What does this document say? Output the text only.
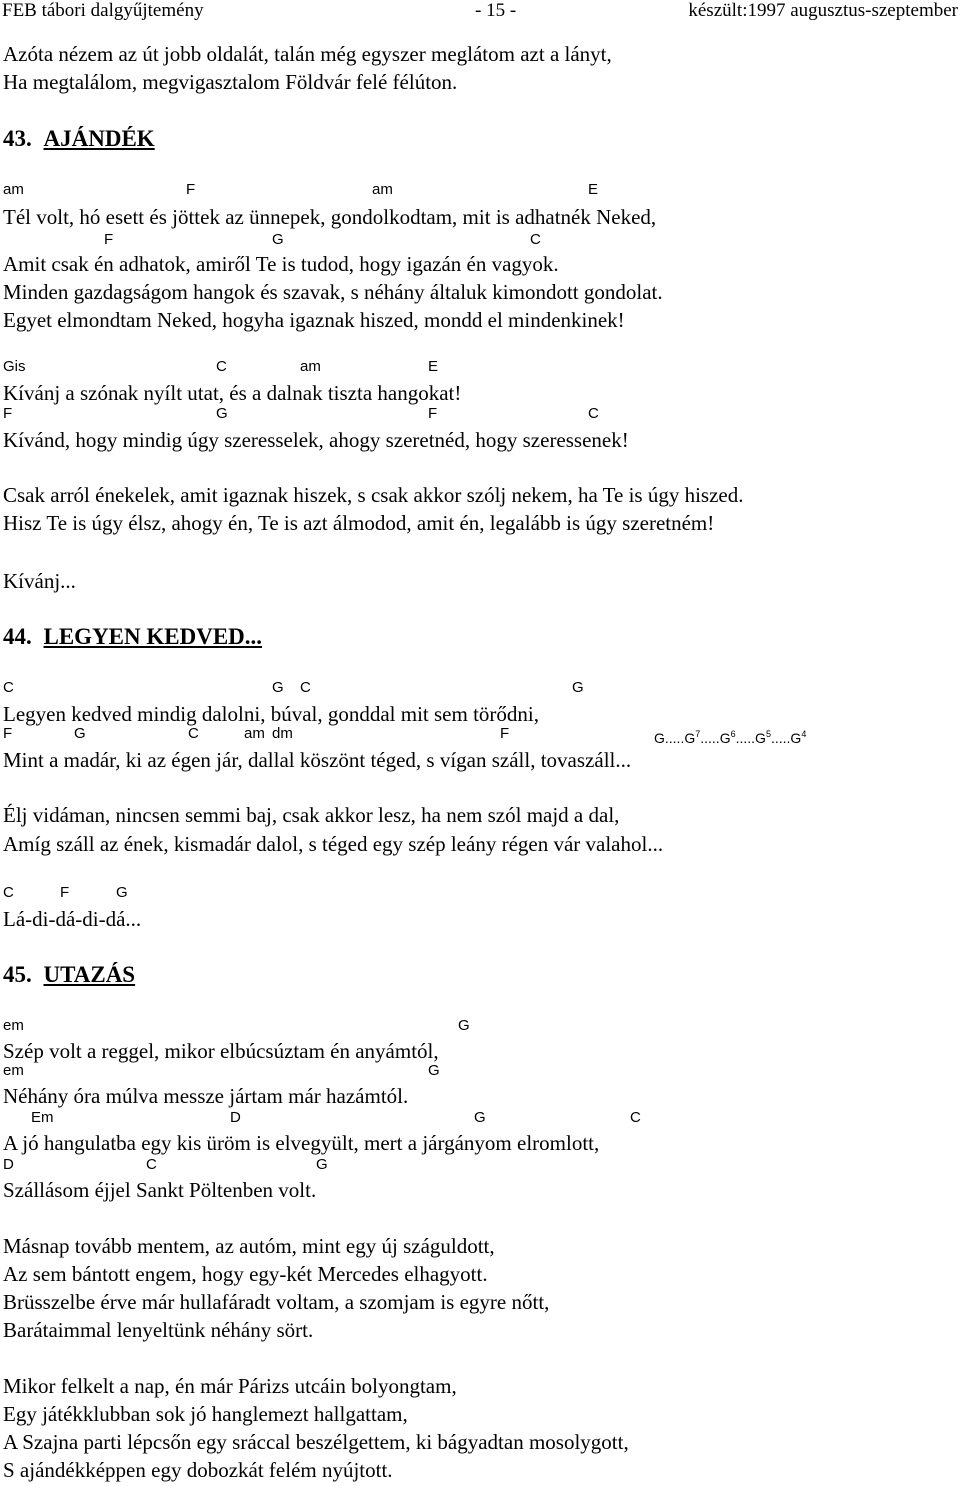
FEB tábori dalgyűjtemény	- 15 -	készült:1997 augusztus-szeptember
Azóta nézem az út jobb oldalát, talán még egyszer meglátom azt a lányt,
Ha megtalálom, megvigasztalom Földvár felé félúton.
43. AJÁNDÉK
am	F	am	E
Tél volt, hó esett és jöttek az ünnepek, gondolkodtam, mit is adhatnék Neked,
F	G	C
Amit csak én adhatok, amiről Te is tudod, hogy igazán én vagyok.
Minden gazdagságom hangok és szavak, s néhány általuk kimondott gondolat.
Egyet elmondtam Neked, hogyha igaznak hiszed, mondd el mindenkinek!
Gis	C	am	E
Kívánj a szónak nyílt utat, és a dalnak tiszta hangokat!
F	G	F	C
Kívánd, hogy mindig úgy szeresselek, ahogy szeretnéd, hogy szeressenek!
Csak arról énekelek, amit igaznak hiszek, s csak akkor szólj nekem, ha Te is úgy hiszed.
Hisz Te is úgy élsz, ahogy én, Te is azt álmodod, amit én, legalább is úgy szeretném!
Kívánj...
44. LEGYEN KEDVED...
C	G C	G
Legyen kedved mindig dalolni, búval, gonddal mit sem törődni,
F	G	C	am dm	F	$G.....G^7.....G^6.....G^5.....G^4$
Mint a madár, ki az égen jár, dallal köszönt téged, s vígan száll, tovaszáll...
Élj vidáman, nincsen semmi baj, csak akkor lesz, ha nem szól majd a dal,
Amíg száll az ének, kismadár dalol, s téged egy szép leány régen vár valahol...
C	F	G
Lá-di-dá-di-dá...
45. UTAZÁS
em	G
Szép volt a reggel, mikor elbúcsúztam én anyámtól,
em	G
Néhány óra múlva messze jártam már hazámtól.
Em	D	G	C
A jó hangulatba egy kis üröm is elvegyült, mert a járgányom elromlott,
D	C	G
Szállásom éjjel Sankt Pöltenben volt.
Másnap tovább mentem, az autóm, mint egy új száguldott,
Az sem bántott engem, hogy egy-két Mercedes elhagyott.
Brüsszelbe érve már hullafáradt voltam, a szomjam is egyre nőtt,
Barátaimmal lenyeltünk néhány sört.
Mikor felkelt a nap, én már Párizs utcáin bolyongtam,
Egy játékklubban sok jó hanglemezt hallgattam,
A Szajna parti lépcsőn egy sráccal beszélgettem, ki bágyadtan mosolygott,
S ajándékképpen egy dobozkát felém nyújtott.
